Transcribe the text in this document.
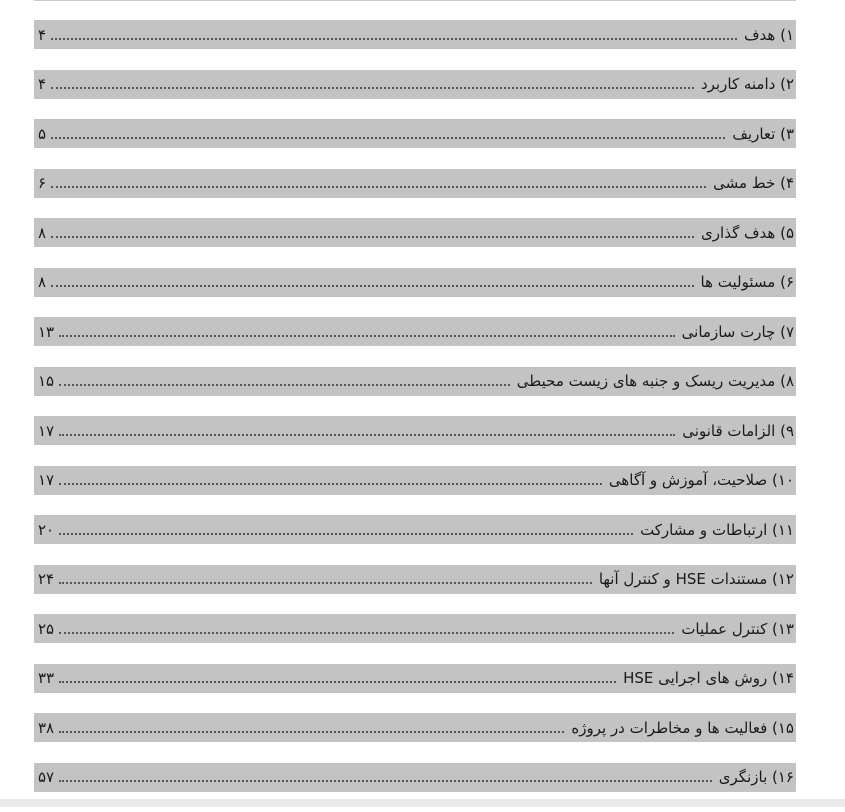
۱) هدف
۴
۲) دامنه کاربرد
۴
۳) تعاریف
۵
۴) خط مشی
۶
۵) هدف گذاری
۸
۶) مسئولیت ها
۸
۷) چارت سازمانی
۱۳
۸) مدیریت ریسک و جنبه های زیست محیطی
۱۵
۹) الزامات قانونی
۱۷
۱۰) صلاحیت، آموزش و آگاهی
۱۷
۱۱) ارتباطات و مشارکت
۲۰
۱۲) مستندات HSE و کنترل آنها
۲۴
۱۳) کنترل عملیات
۲۵
۱۴) روش های اجرایی HSE
۳۳
۱۵) فعالیت ها و مخاطرات در پروژه
۳۸
۱۶) بازنگری
۵۷
